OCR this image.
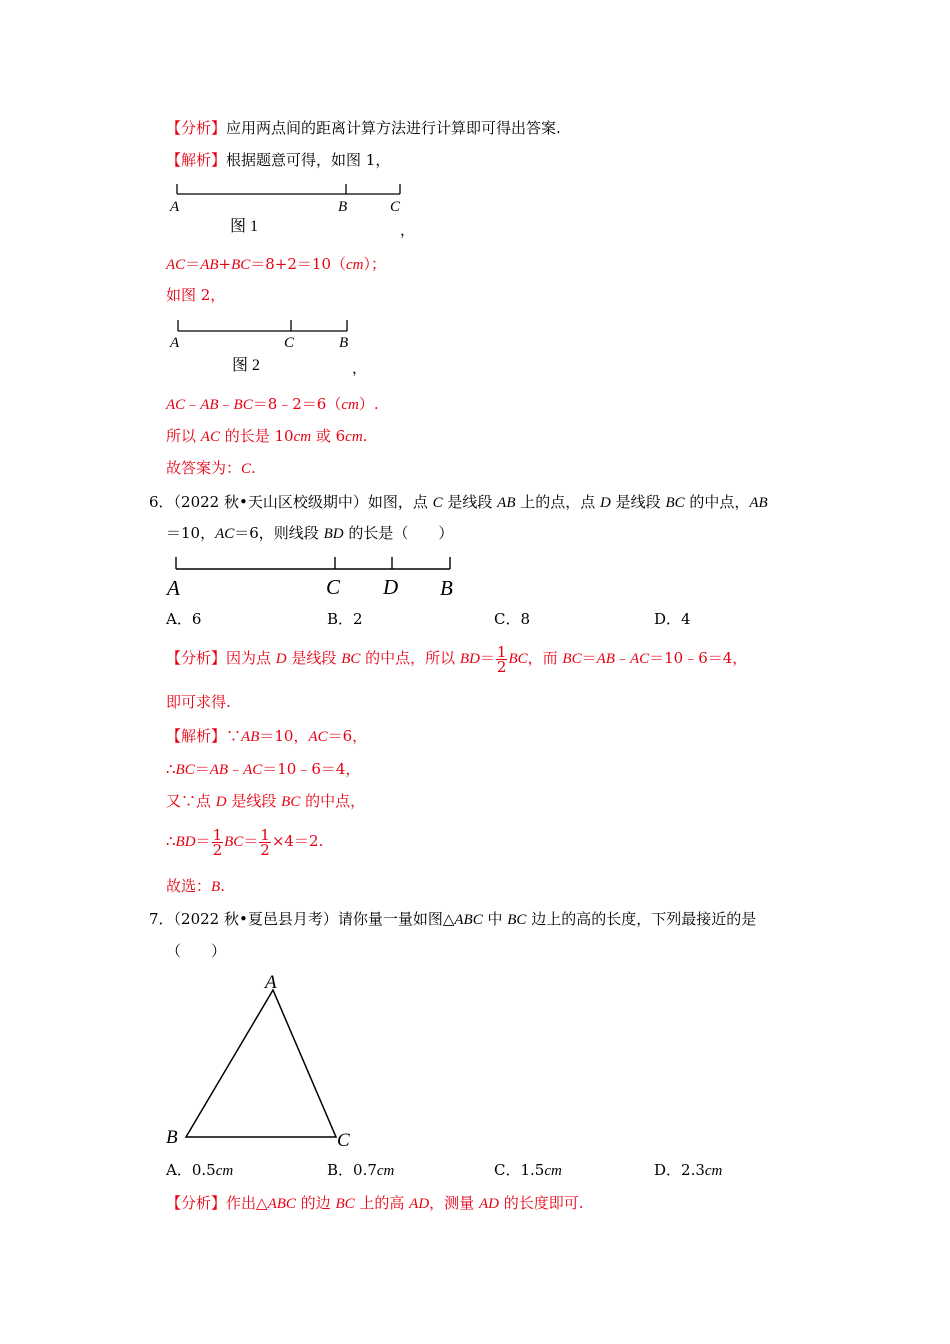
【分析】应用两点间的距离计算方法进行计算即可得出答案.
【解析】根据题意可得，如图 1，
A	B	C
图 1	，
AC＝AB+BC＝8+2＝10（cm）；
如图 2，
A	C	B
图 2	，
AC﹣AB﹣BC＝8﹣2＝6（cm）.
所以 AC 的长是 10cm 或 6cm.
故答案为：C.
6．（2022 秋•天山区校级期中）如图，点 C 是线段 AB 上的点，点 D 是线段 BC 的中点，AB
＝10，AC＝6，则线段 BD 的长是（　　）
A	C D B
A．6	B．2	C．8	D．4
【分析】因为点 D 是线段 BC 的中点，所以 $BD= \frac{1}{2}$ BC，而 BC＝AB﹣AC＝10﹣6＝4，
即可求得.
【解析】∵AB＝10，AC＝6，
∴BC＝AB﹣AC＝10﹣6＝4，
又∵点 D 是线段 BC 的中点，
∴BD＝ $\frac{1}{2} BC= \frac{1}{2} \times 4=2$.
故选：B.
7．（2022 秋•夏邑县月考）请你量一量如图△ABC 中 BC 边上的高的长度，下列最接近的是
（　　）
A
B	C
A．0.5cm	B．0.7cm	C．1.5cm	D．2.3cm
【分析】作出△ABC 的边 BC 上的高 AD，测量 AD 的长度即可.
